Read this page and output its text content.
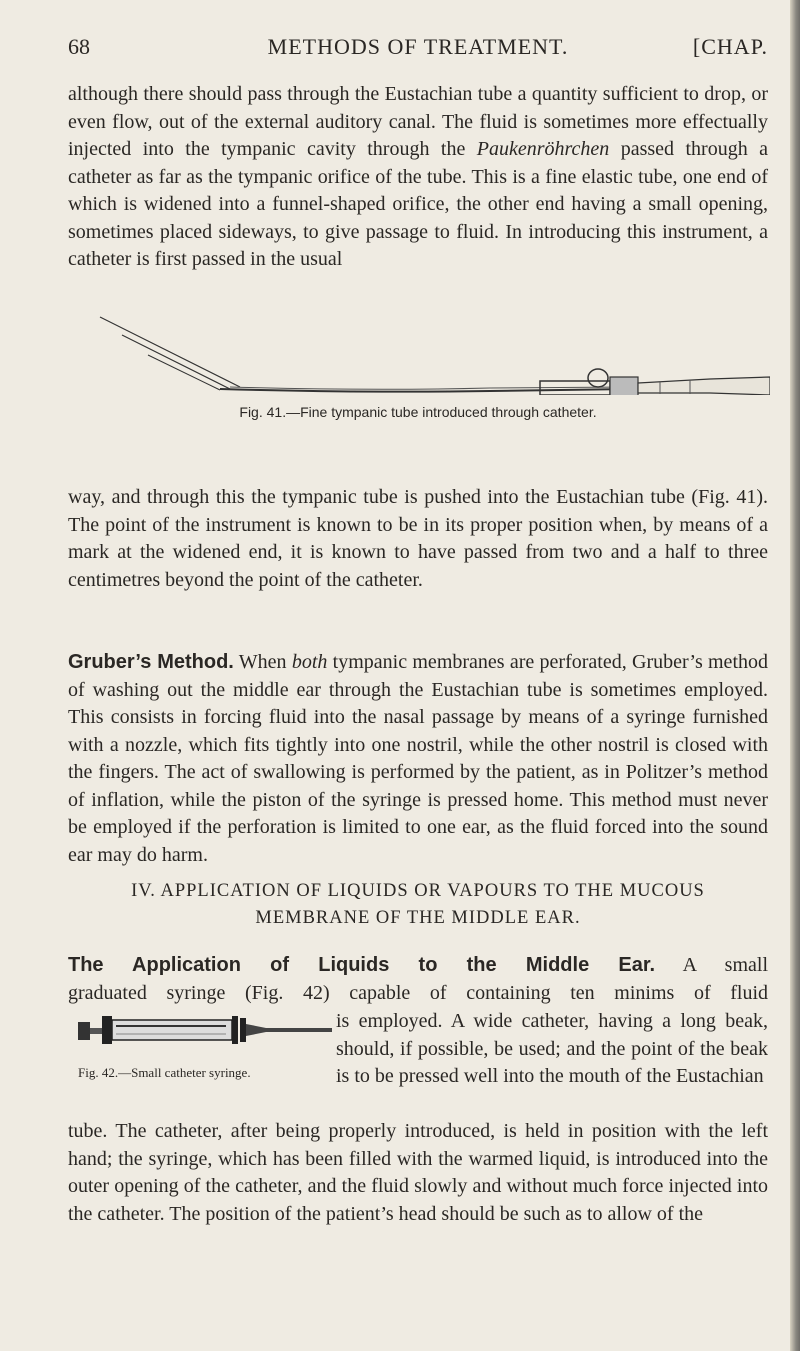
68	METHODS OF TREATMENT.	[CHAP.
although there should pass through the Eustachian tube a quantity sufficient to drop, or even flow, out of the external auditory canal. The fluid is sometimes more effectually injected into the tympanic cavity through the Paukenröhrchen passed through a catheter as far as the tympanic orifice of the tube. This is a fine elastic tube, one end of which is widened into a funnel-shaped orifice, the other end having a small opening, sometimes placed sideways, to give passage to fluid. In introducing this instrument, a catheter is first passed in the usual
Fig. 41.—Fine tympanic tube introduced through catheter.
way, and through this the tympanic tube is pushed into the Eustachian tube (Fig. 41). The point of the instrument is known to be in its proper position when, by means of a mark at the widened end, it is known to have passed from two and a half to three centimetres beyond the point of the catheter.
Gruber’s Method. When both tympanic membranes are perforated, Gruber’s method of washing out the middle ear through the Eustachian tube is sometimes employed. This consists in forcing fluid into the nasal passage by means of a syringe furnished with a nozzle, which fits tightly into one nostril, while the other nostril is closed with the fingers. The act of swallowing is performed by the patient, as in Politzer’s method of inflation, while the piston of the syringe is pressed home. This method must never be employed if the perforation is limited to one ear, as the fluid forced into the sound ear may do harm.
IV. APPLICATION OF LIQUIDS OR VAPOURS TO THE MUCOUS
MEMBRANE OF THE MIDDLE EAR.
The Application of Liquids to the Middle Ear. A small
graduated syringe (Fig. 42) capable of containing ten minims of fluid
Fig. 42.—Small catheter syringe.
is employed. A wide catheter, having a long beak, should, if possible, be used; and the point of the beak is to be pressed well into the mouth of the Eustachian
tube. The catheter, after being properly introduced, is held in position with the left hand; the syringe, which has been filled with the warmed liquid, is introduced into the outer opening of the catheter, and the fluid slowly and without much force injected into the catheter. The position of the patient’s head should be such as to allow of the
